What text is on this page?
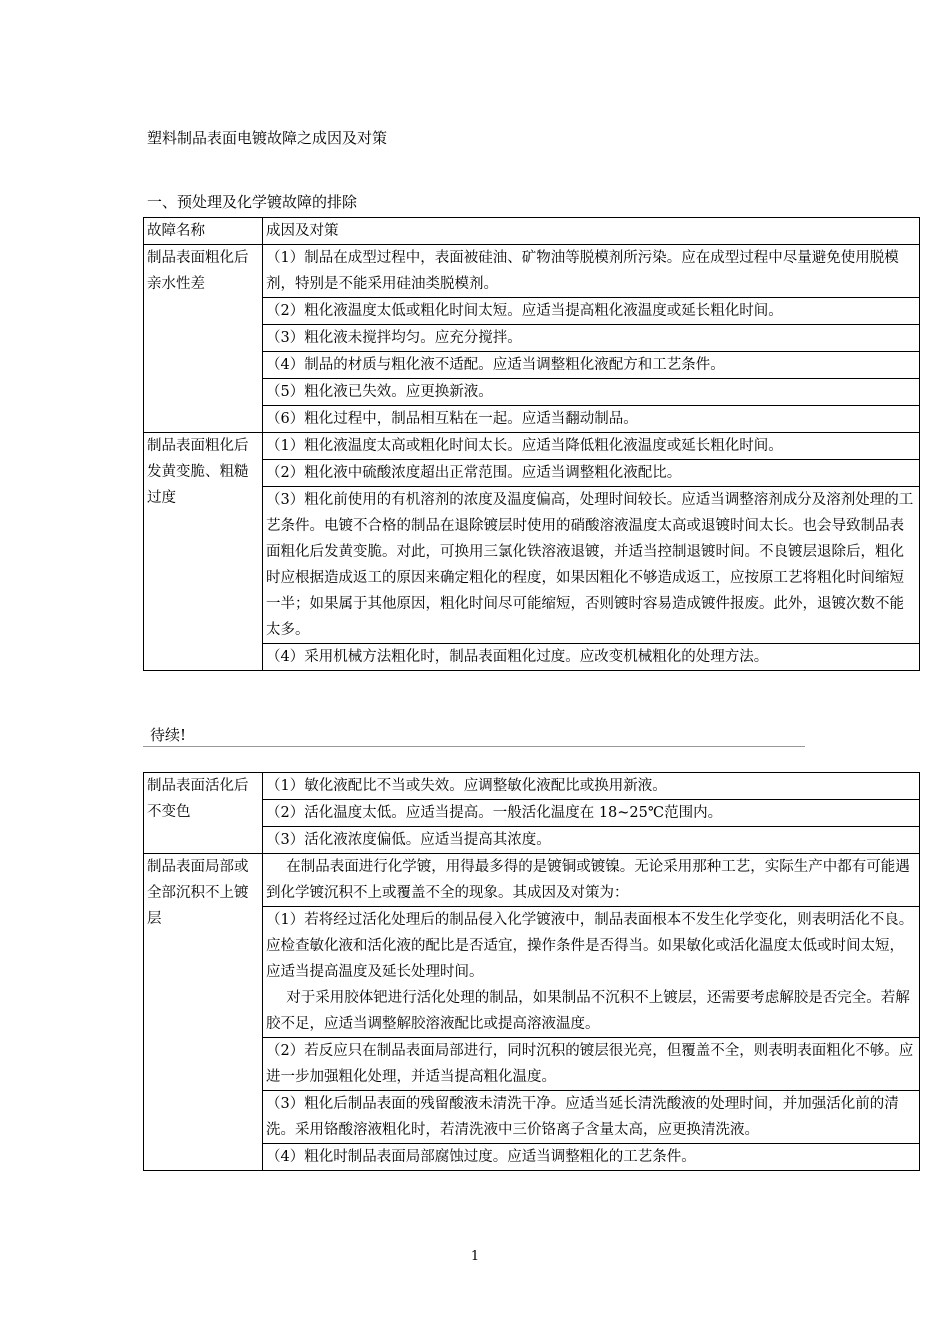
塑料制品表面电镀故障之成因及对策
一、预处理及化学镀故障的排除
故障名称	成因及对策
制品表面粗化后亲水性差	（1）制品在成型过程中，表面被硅油、矿物油等脱模剂所污染。应在成型过程中尽量避免使用脱模剂，特别是不能采用硅油类脱模剂。
	（2）粗化液温度太低或粗化时间太短。应适当提高粗化液温度或延长粗化时间。
	（3）粗化液未搅拌均匀。应充分搅拌。
	（4）制品的材质与粗化液不适配。应适当调整粗化液配方和工艺条件。
	（5）粗化液已失效。应更换新液。
	（6）粗化过程中，制品相互粘在一起。应适当翻动制品。
制品表面粗化后发黄变脆、粗糙过度	（1）粗化液温度太高或粗化时间太长。应适当降低粗化液温度或延长粗化时间。
	（2）粗化液中硫酸浓度超出正常范围。应适当调整粗化液配比。
	（3）粗化前使用的有机溶剂的浓度及温度偏高，处理时间较长。应适当调整溶剂成分及溶剂处理的工艺条件。电镀不合格的制品在退除镀层时使用的硝酸溶液温度太高或退镀时间太长。也会导致制品表面粗化后发黄变脆。对此，可换用三氯化铁溶液退镀，并适当控制退镀时间。不良镀层退除后，粗化时应根据造成返工的原因来确定粗化的程度，如果因粗化不够造成返工，应按原工艺将粗化时间缩短一半；如果属于其他原因，粗化时间尽可能缩短，否则镀时容易造成镀件报废。此外，退镀次数不能太多。
	（4）采用机械方法粗化时，制品表面粗化过度。应改变机械粗化的处理方法。
待续!
制品表面活化后不变色	（1）敏化液配比不当或失效。应调整敏化液配比或换用新液。
	（2）活化温度太低。应适当提高。一般活化温度在 18~25℃范围内。
	（3）活化液浓度偏低。应适当提高其浓度。
制品表面局部或全部沉积不上镀层	在制品表面进行化学镀，用得最多得的是镀铜或镀镍。无论采用那种工艺，实际生产中都有可能遇到化学镀沉积不上或覆盖不全的现象。其成因及对策为：

	（1）若将经过活化处理后的制品侵入化学镀液中，制品表面根本不发生化学变化，则表明活化不良。应检查敏化液和活化液的配比是否适宜，操作条件是否得当。如果敏化或活化温度太低或时间太短，应适当提高温度及延长处理时间。
对于采用胶体钯进行活化处理的制品，如果制品不沉积不上镀层，还需要考虑解胶是否完全。若解胶不足，应适当调整解胶溶液配比或提高溶液温度。

	（2）若反应只在制品表面局部进行，同时沉积的镀层很光亮，但覆盖不全，则表明表面粗化不够。应进一步加强粗化处理，并适当提高粗化温度。
	（3）粗化后制品表面的残留酸液未清洗干净。应适当延长清洗酸液的处理时间，并加强活化前的清洗。采用铬酸溶液粗化时，若清洗液中三价铬离子含量太高，应更换清洗液。
	（4）粗化时制品表面局部腐蚀过度。应适当调整粗化的工艺条件。
1
